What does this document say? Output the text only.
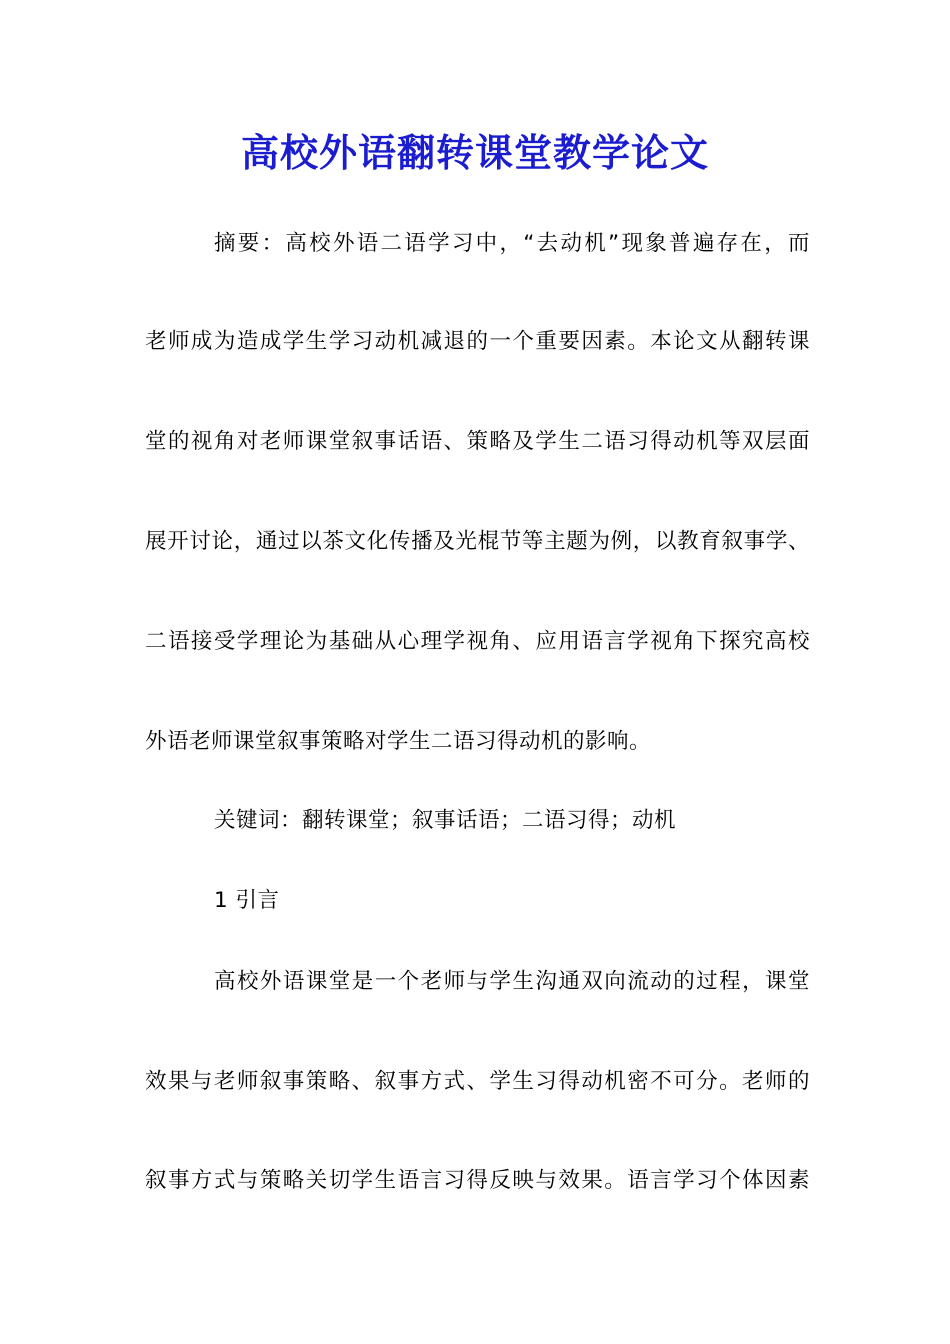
高校外语翻转课堂教学论文
摘要：高校外语二语学习中，“去动机”现象普遍存在，而
老师成为造成学生学习动机减退的一个重要因素。本论文从翻转课
堂的视角对老师课堂叙事话语、策略及学生二语习得动机等双层面
展开讨论，通过以茶文化传播及光棍节等主题为例，以教育叙事学、
二语接受学理论为基础从心理学视角、应用语言学视角下探究高校
外语老师课堂叙事策略对学生二语习得动机的影响。
关键词：翻转课堂；叙事话语；二语习得；动机
1 引言
高校外语课堂是一个老师与学生沟通双向流动的过程，课堂
效果与老师叙事策略、叙事方式、学生习得动机密不可分。老师的
叙事方式与策略关切学生语言习得反映与效果。语言学习个体因素
